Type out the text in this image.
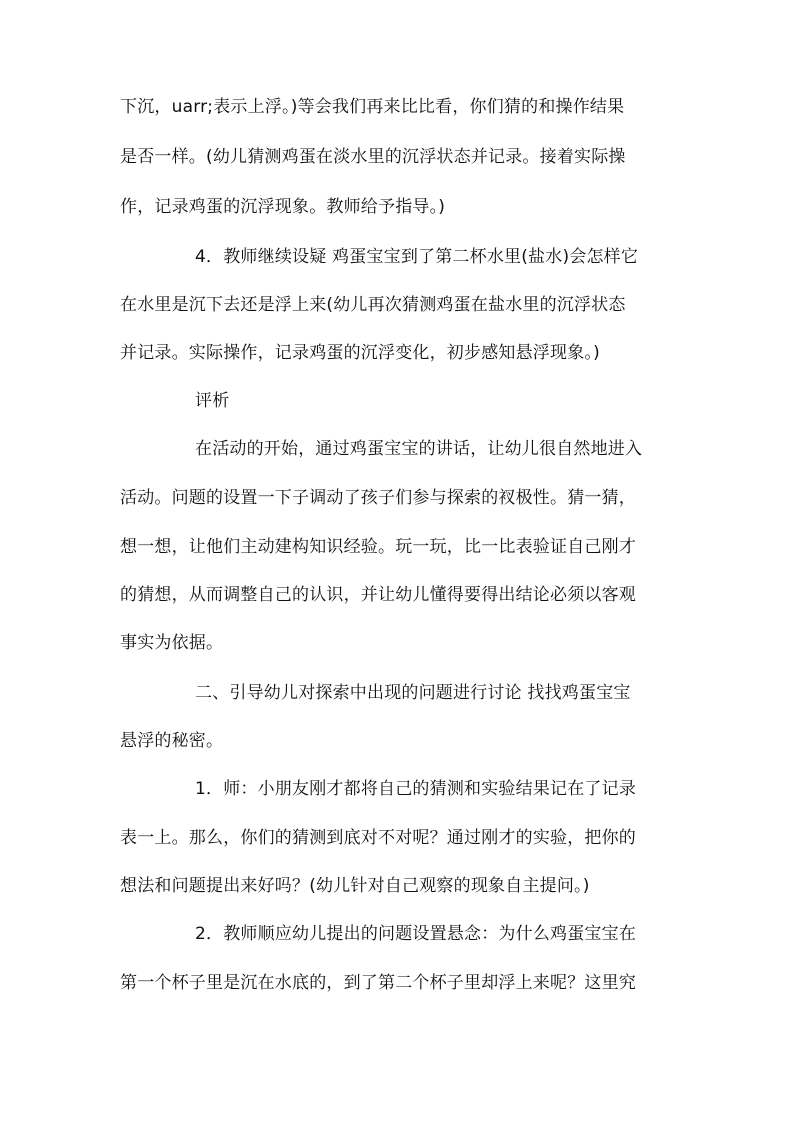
下沉，uarr;表示上浮。)等会我们再来比比看，你们猜的和操作结果
是否一样。(幼儿猜测鸡蛋在淡水里的沉浮状态并记录。接着实际操
作，记录鸡蛋的沉浮现象。教师给予指导。)
4．教师继续设疑 鸡蛋宝宝到了第二杯水里(盐水)会怎样它
在水里是沉下去还是浮上来(幼儿再次猜测鸡蛋在盐水里的沉浮状态
并记录。实际操作，记录鸡蛋的沉浮变化，初步感知悬浮现象。)
评析
在活动的开始，通过鸡蛋宝宝的讲话，让幼儿很自然地进入
活动。问题的设置一下子调动了孩子们参与探索的衩极性。猜一猜，
想一想，让他们主动建构知识经验。玩一玩，比一比表验证自己刚才
的猜想，从而调整自己的认识，并让幼儿懂得要得出结论必须以客观
事实为依据。
二、引导幼儿对探索中出现的问题进行讨论 找找鸡蛋宝宝
悬浮的秘密。
1．师：小朋友刚才都将自己的猜测和实验结果记在了记录
表一上。那么，你们的猜测到底对不对呢？通过刚才的实验，把你的
想法和问题提出来好吗？(幼儿针对自己观察的现象自主提问。)
2．教师顺应幼儿提出的问题设置悬念：为什么鸡蛋宝宝在
第一个杯子里是沉在水底的，到了第二个杯子里却浮上来呢？这里究
